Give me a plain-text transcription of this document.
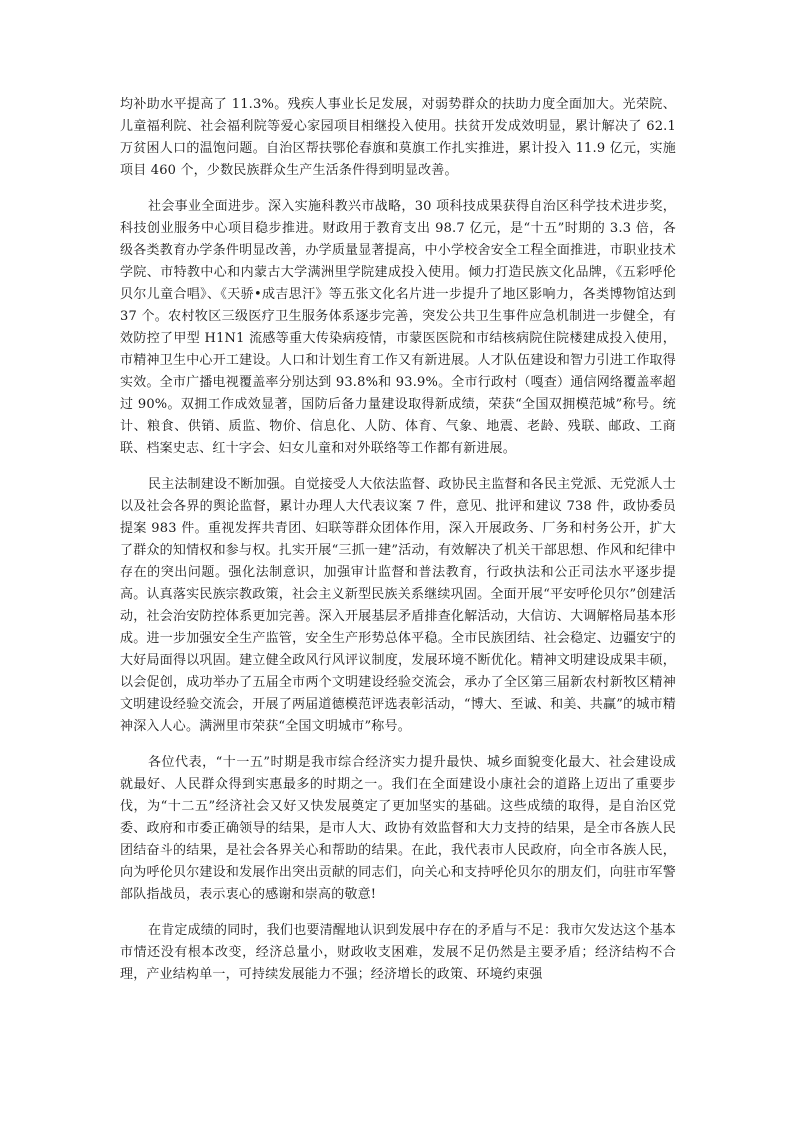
均补助水平提高了 11.3%。残疾人事业长足发展，对弱势群众的扶助力度全面加大。光荣院、儿童福利院、社会福利院等爱心家园项目相继投入使用。扶贫开发成效明显，累计解决了 62.1 万贫困人口的温饱问题。自治区帮扶鄂伦春旗和莫旗工作扎实推进，累计投入 11.9 亿元，实施项目 460 个，少数民族群众生产生活条件得到明显改善。

社会事业全面进步。深入实施科教兴市战略，30 项科技成果获得自治区科学技术进步奖，科技创业服务中心项目稳步推进。财政用于教育支出 98.7 亿元，是“十五”时期的 3.3 倍，各级各类教育办学条件明显改善，办学质量显著提高，中小学校舍安全工程全面推进，市职业技术学院、市特教中心和内蒙古大学满洲里学院建成投入使用。倾力打造民族文化品牌，《五彩呼伦贝尔儿童合唱》、《天骄•成吉思汗》等五张文化名片进一步提升了地区影响力，各类博物馆达到 37 个。农村牧区三级医疗卫生服务体系逐步完善，突发公共卫生事件应急机制进一步健全，有效防控了甲型 H1N1 流感等重大传染病疫情，市蒙医医院和市结核病院住院楼建成投入使用，市精神卫生中心开工建设。人口和计划生育工作又有新进展。人才队伍建设和智力引进工作取得实效。全市广播电视覆盖率分别达到 93.8%和 93.9%。全市行政村（嘎查）通信网络覆盖率超过 90%。双拥工作成效显著，国防后备力量建设取得新成绩，荣获“全国双拥模范城”称号。统计、粮食、供销、质监、物价、信息化、人防、体育、气象、地震、老龄、残联、邮政、工商联、档案史志、红十字会、妇女儿童和对外联络等工作都有新进展。

民主法制建设不断加强。自觉接受人大依法监督、政协民主监督和各民主党派、无党派人士以及社会各界的舆论监督，累计办理人大代表议案 7 件，意见、批评和建议 738 件，政协委员提案 983 件。重视发挥共青团、妇联等群众团体作用，深入开展政务、厂务和村务公开，扩大了群众的知情权和参与权。扎实开展“三抓一建”活动，有效解决了机关干部思想、作风和纪律中存在的突出问题。强化法制意识，加强审计监督和普法教育，行政执法和公正司法水平逐步提高。认真落实民族宗教政策，社会主义新型民族关系继续巩固。全面开展“平安呼伦贝尔”创建活动，社会治安防控体系更加完善。深入开展基层矛盾排查化解活动，大信访、大调解格局基本形成。进一步加强安全生产监管，安全生产形势总体平稳。全市民族团结、社会稳定、边疆安宁的大好局面得以巩固。建立健全政风行风评议制度，发展环境不断优化。精神文明建设成果丰硕，以会促创，成功举办了五届全市两个文明建设经验交流会，承办了全区第三届新农村新牧区精神文明建设经验交流会，开展了两届道德模范评选表彰活动，“博大、至诚、和美、共赢”的城市精神深入人心。满洲里市荣获“全国文明城市”称号。

各位代表，“十一五”时期是我市综合经济实力提升最快、城乡面貌变化最大、社会建设成就最好、人民群众得到实惠最多的时期之一。我们在全面建设小康社会的道路上迈出了重要步伐，为“十二五”经济社会又好又快发展奠定了更加坚实的基础。这些成绩的取得，是自治区党委、政府和市委正确领导的结果，是市人大、政协有效监督和大力支持的结果，是全市各族人民团结奋斗的结果，是社会各界关心和帮助的结果。在此，我代表市人民政府，向全市各族人民，向为呼伦贝尔建设和发展作出突出贡献的同志们，向关心和支持呼伦贝尔的朋友们，向驻市军警部队指战员，表示衷心的感谢和崇高的敬意!

在肯定成绩的同时，我们也要清醒地认识到发展中存在的矛盾与不足：我市欠发达这个基本市情还没有根本改变，经济总量小，财政收支困难，发展不足仍然是主要矛盾；经济结构不合理，产业结构单一，可持续发展能力不强；经济增长的政策、环境约束强
